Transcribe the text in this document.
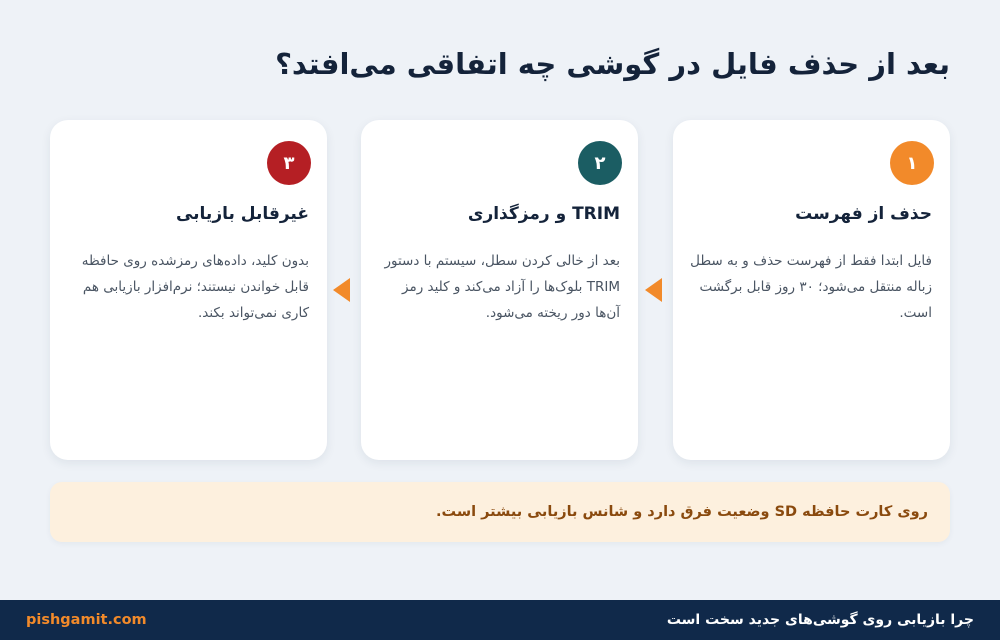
بعد از حذف فایل در گوشی چه اتفاقی می‌افتد؟
۱
حذف از فهرست

فایل ابتدا فقط از فهرست حذف و به سطل زباله منتقل می‌شود؛ ۳۰ روز قابل برگشت است.

۲
TRIM و رمزگذاری

بعد از خالی کردن سطل، سیستم با دستور TRIM بلوک‌ها را آزاد می‌کند و کلید رمز آن‌ها دور ریخته می‌شود.

۳
غیرقابل بازیابی

بدون کلید، داده‌های رمزشده روی حافظه قابل خواندن نیستند؛ نرم‌افزار بازیابی هم کاری نمی‌تواند بکند.

روی کارت حافظه SD وضعیت فرق دارد و شانس بازیابی بیشتر است.
چرا بازیابی روی گوشی‌های جدید سخت است
pishgamit.com
